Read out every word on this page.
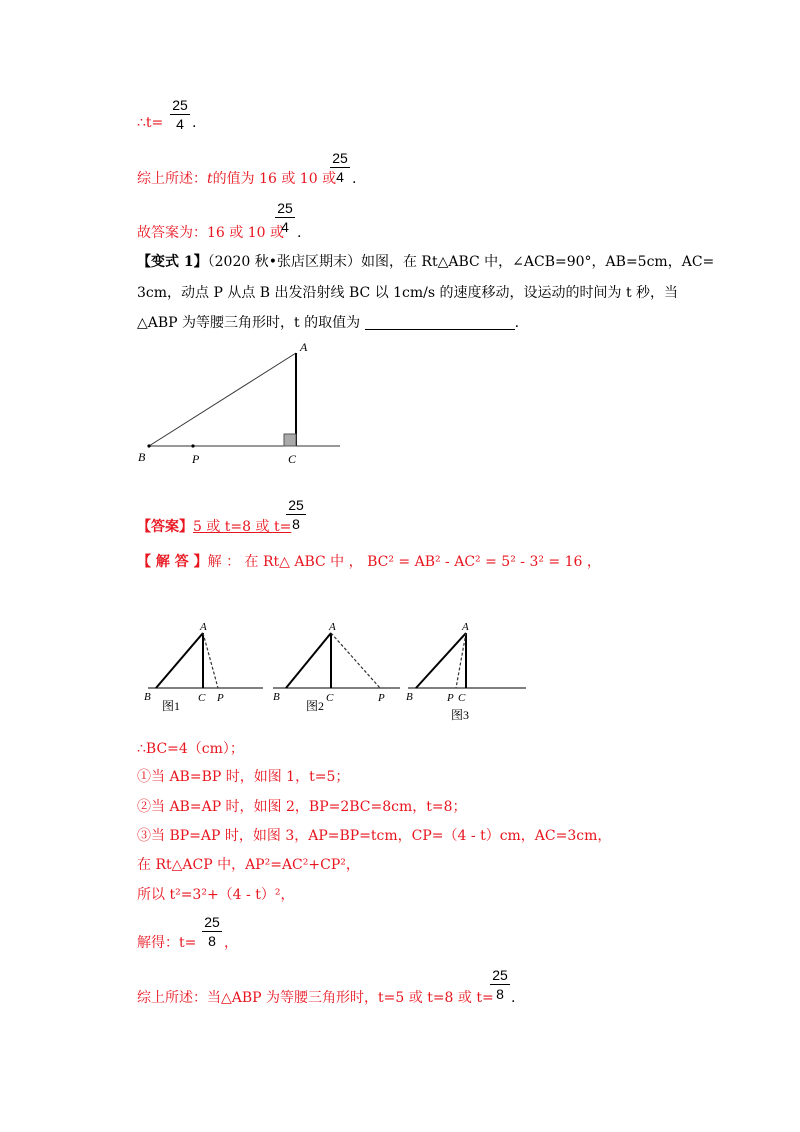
∴t=
25
4 .
综上所述：t的值为 16 或 10 或
25
4 .
故答案为：16 或 10 或
25
4 .
【变式 1】（2020 秋•张店区期末）如图，在 Rt△ABC 中，∠ACB=90°，AB=5cm，AC=
3cm，动点 P 从点 B 出发沿射线 BC 以 1cm/s 的速度移动，设运动的时间为 t 秒，当
△ABP 为等腰三角形时，t 的取值为	.
A
B	P	C
【答案】5 或 t=8 或 t=
25
8
【 解 答 】解 ： 在 Rt△ ABC 中 ， BC² = AB² - AC² = 5² - 3² = 16 ，
A
B	C P
图1
A
B	C	P
图2
A
B	P C
图3
∴BC=4（cm）；
①当 AB=BP 时，如图 1，t=5；
②当 AB=AP 时，如图 2，BP=2BC=8cm，t=8；
③当 BP=AP 时，如图 3，AP=BP=tcm，CP=（4 - t）cm，AC=3cm，
在 Rt△ACP 中，AP²=AC²+CP²，
所以 t²=3²+（4 - t）²，
解得：t=
25
8 ，
综上所述：当△ABP 为等腰三角形时，t=5 或 t=8 或 t=
25
8 .
